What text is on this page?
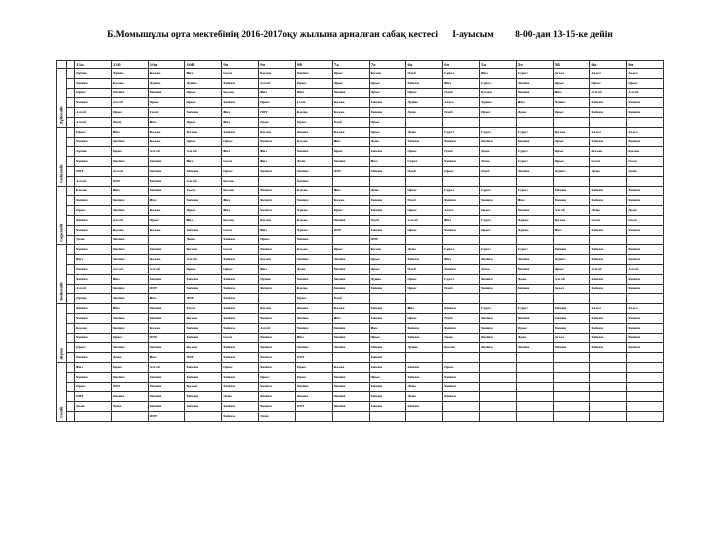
Б.Момышұлы орта мектебінің 2016-2017оқу жылына арналған сабақ кестесі I-ауысым 8-00-дан 13-15-ке дейін
		11а	11б	10а	10б	9а	9ә	9б	7а	7ә	6а	6ә	5а	5ә	5б	8а	8ә
Дүйсенбі		Дүние	Дүние	Қазақ	Физ	Геом	Қазақ	Химия	Орыс	Қазақ	Әдеб	Сурет	Физ	Сурет	Ағыл	Ағыл	Ағыл
		Химия	Қазақ	Дүние	Дүние	Химия	Алгеб	Орыс	Орыс	Орыс	Химия	Физ	Сурет	Химия	Орыс	Орыс	Орыс
		Орыс	Химия	Химия	Орыс	Қазақ	Физ	Физ	Химия	Орыс	Орыс	Әдеб	Қазақ	Химия	Физ	Алгеб	Алгеб
		Химия	Алгеб	Орыс	Орыс	Химия	Орыс	Геом	Қазақ	Химия	Дүние	Ағыл	Дүние	Физ	Дүние	Химия	Химия
		Алгеб	Орыс	Геом	Химия	Физ	ӘӘТ	Қазақ	Қазақ	Химия	Дене	Әдеб	Орыс	Дене	Орыс	Химия	Химия
		Алгеб	Әдеб	Физ	Орыс	Физ	Дене	Орыс	Әдеб	Орыс							
Сейсенбі		Орыс	Физ	Қазақ	Қазақ	Химия	Қазақ	Химия	Қазақ	Орыс	Дене	Сурет	Сурет	Сурет	Қазақ	Ағыл	Ағыл
		Химия	Химия	Қазақ	Орыс	Орыс	Химия	Қазақ	Физ	Дене	Химия	Химия	Химия	Химия	Орыс	Химия	Химия
		Дүние	Орыс	Алгеб	Алгеб	Физ	Физ	Химия	Орыс	Химия	Орыс	Әдеб	Дене	Сурет	Орыс	Қазақ	Қазақ
		Химия	Химия	Химия	Физ	Геом	Физ	Дене	Химия	Физ	Сурет	Химия	Дене	Сурет	Орыс	Геом	Геом
		ӘӘТ	Алгеб	Химия	Химия	Орыс	Химия	Химия	ӘӘТ	Химия	Әдеб	Орыс	Әдеб	Химия	Дүние	Дене	Дене
		Алгеб	ӘӘТ	Химия	Алгеб	Қазақ		Химия									
Сәрсенбі		Қазақ	Физ	Химия	Геом	Қазақ	Химия	Қазақ	Физ	Дене	Орыс	Сурет	Сурет	Сурет	Химия	Химия	Химия
		Химия	Химия	Физ	Химия	Физ	Химия	Химия	Қазақ	Химия	Әдеб	Химия	Химия	Физ	Химия	Химия	Химия
		Орыс	Химия	Қазақ	Орыс	Физ	Химия	Дүние	Орыс	Химия	Орыс	Ағыл	Орыс	Химия	Алгеб	Дене	Дене
		Химия	Алгеб	Орыс	Физ	Қазақ	Қазақ	Қазақ	Химия	Әдеб	Алгеб	Физ	Сурет	Дүние	Қазақ	Геом	Геом
		Химия	Қазақ	Қазақ	Химия	Геом	Физ	Дүние	ӘӘТ	Химия	Орыс	Химия	Орыс	Дүние	Физ	Химия	Химия
		Дене	Химия		Дене	Химия	Орыс	Химия		ӘӘТ							
Бейсенбі		Химия	Химия	Химия	Қазақ	Геом	Химия	Қазақ	Орыс	Қазақ	Дене	Сурет	Сурет	Сурет	Химия	Химия	Химия
		Физ	Химия	Қазақ	Алгеб	Химия	Қазақ	Химия	Химия	Орыс	Химия	Физ	Химия	Химия	Дүние	Химия	Химия
		Химия	Алгеб	Алгеб	Орыс	Орыс	Физ	Дене	Химия	Орыс	Әдеб	Химия	Дене	Химия	Орыс	Алгеб	Алгеб
		Химия	Физ	Химия	Химия	Химия	Дүние	Химия	Химия	Дүние	Орыс	Сурет	Химия	Дене	Алгеб	Химия	Химия
		Алгеб	Химия	ӘӘТ	Химия	Химия	Химия	Қазақ	Химия	Химия	Орыс	Әдеб	Химия	Химия	Ағыл	Химия	Химия
		Дүние	Химия	Физ	ӘӘТ	Химия		Орыс	Әдеб								
Жұма		Химия	Физ	Химия	Геом	Химия	Қазақ	Химия	Қазақ	Химия	Физ	Химия	Сурет	Сурет	Химия	Ағыл	Ағыл
		Химия	Химия	Химия	Қазақ	Химия	Химия	Химия	Физ	Химия	Орыс	Әдеб	Химия	Химия	Химия	Химия	Химия
		Қазақ	Химия	Қазақ	Химия	Химия	Алгеб	Химия	Химия	Физ	Химия	Химия	Химия	Орыс	Химия	Химия	Химия
		Химия	Орыс	ӘӘТ	Химия	Геом	Химия	Физ	Химия	Орыс	Химия	Дене	Химия	Дене	Ағыл	Химия	Химия
		Орыс	Химия	Химия	Қазақ	Химия	Химия	Химия	Химия	Химия	Дүние	Қазақ	Химия	Химия	Химия	Химия	Химия
		Химия	Дене	Физ	ӘӘТ	Химия	Химия	ӘӘТ		Химия							
Сенбі		Физ	Орыс	Алгеб	Химия	Орыс	Химия	Орыс	Қазақ	Химия	Химия	Орыс					
		Химия	Химия	Химия	Химия	Химия	Орыс	Орыс	Химия	Орыс	Химия	Химия					
		Орыс	ӘӘТ	Химия	Қазақ	Химия	Химия	Химия	Химия	Химия	Дене	Химия					
		ӘӘТ	Химия	Химия	Химия	Дене	Химия	Химия	Химия	Химия	Дене	Химия					
		Дене	Дене	Химия	Химия	Химия	Химия	ӘӘТ	Химия	Химия	Химия						
				ӘӘТ		Химия	Дене										
